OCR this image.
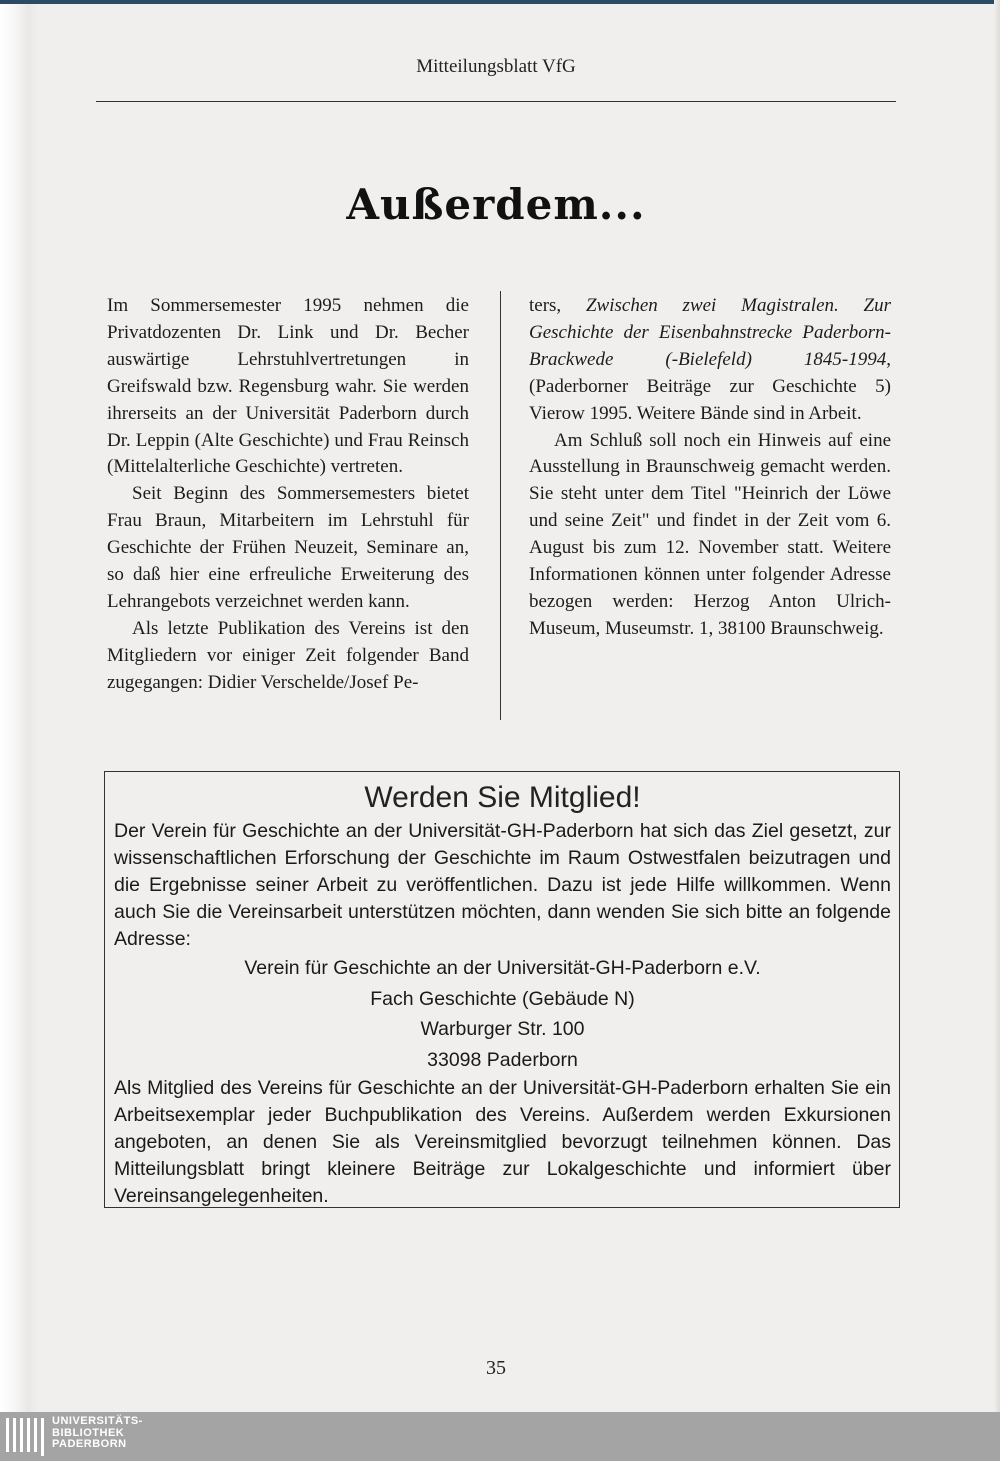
Mitteilungsblatt VfG
Außerdem...

Im Sommersemester 1995 nehmen die Privatdozenten Dr. Link und Dr. Becher auswärtige Lehrstuhlvertretungen in Greifswald bzw. Regensburg wahr. Sie werden ihrerseits an der Universität Paderborn durch Dr. Leppin (Alte Geschichte) und Frau Reinsch (Mittelalterliche Geschichte) vertreten.

Seit Beginn des Sommersemesters bietet Frau Braun, Mitarbeitern im Lehrstuhl für Geschichte der Frühen Neuzeit, Seminare an, so daß hier eine erfreuliche Erweiterung des Lehrangebots verzeichnet werden kann.

Als letzte Publikation des Vereins ist den Mitgliedern vor einiger Zeit folgender Band zugegangen: Didier Verschelde/Josef Pe-

ters, Zwischen zwei Magistralen. Zur Geschichte der Eisenbahnstrecke Paderborn-Brackwede (-Bielefeld) 1845-1994, (Paderborner Beiträge zur Geschichte 5) Vierow 1995. Weitere Bände sind in Arbeit.

Am Schluß soll noch ein Hinweis auf eine Ausstellung in Braunschweig gemacht werden. Sie steht unter dem Titel "Heinrich der Löwe und seine Zeit" und findet in der Zeit vom 6. August bis zum 12. November statt. Weitere Informationen können unter folgender Adresse bezogen werden: Herzog Anton Ulrich-Museum, Museumstr. 1, 38100 Braunschweig.

Werden Sie Mitglied!

Der Verein für Geschichte an der Universität-GH-Paderborn hat sich das Ziel gesetzt, zur wissenschaftlichen Erforschung der Geschichte im Raum Ostwestfalen beizutragen und die Ergebnisse seiner Arbeit zu veröffentlichen. Dazu ist jede Hilfe willkommen. Wenn auch Sie die Vereinsarbeit unterstützen möchten, dann wenden Sie sich bitte an folgende Adresse:

Verein für Geschichte an der Universität-GH-Paderborn e.V.
Fach Geschichte (Gebäude N)
Warburger Str. 100
33098 Paderborn

Als Mitglied des Vereins für Geschichte an der Universität-GH-Paderborn erhalten Sie ein Arbeitsexemplar jeder Buchpublikation des Vereins. Außerdem werden Exkursionen angeboten, an denen Sie als Vereinsmitglied bevorzugt teilnehmen können. Das Mitteilungsblatt bringt kleinere Beiträge zur Lokalgeschichte und informiert über Vereinsangelegenheiten.

35
UNIVERSITÄTS-
BIBLIOTHEK
PADERBORN
